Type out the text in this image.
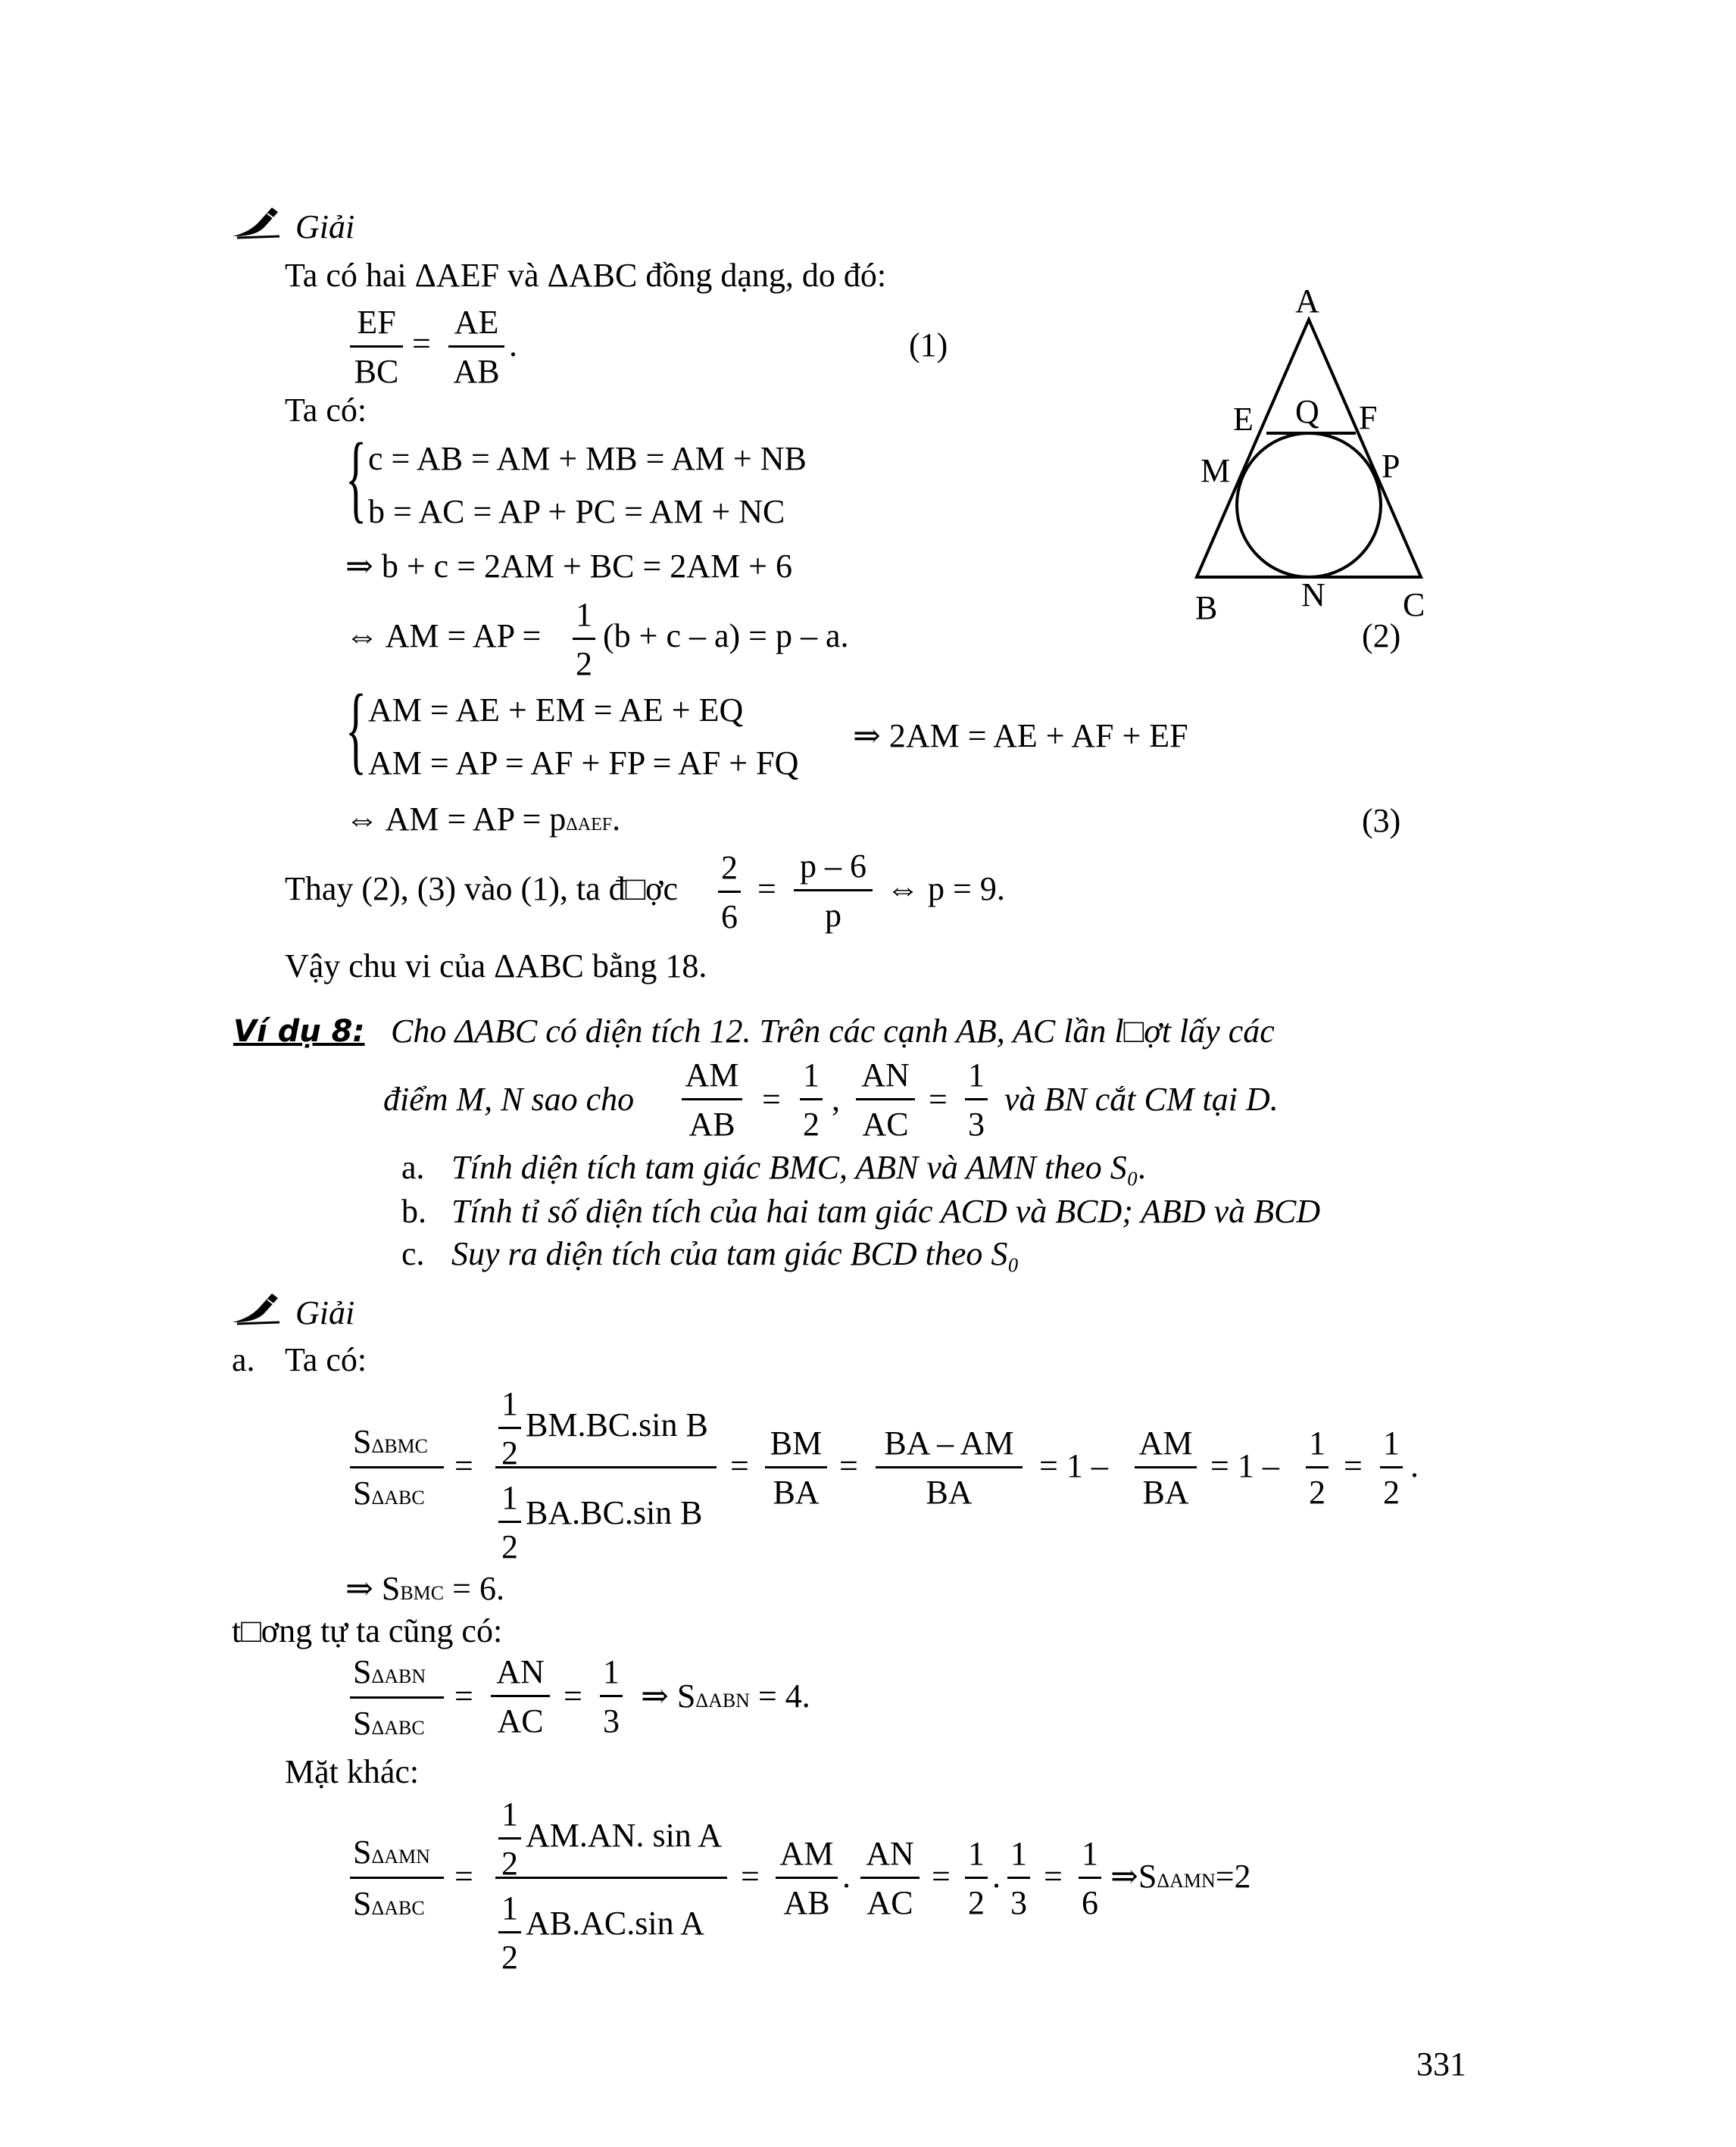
Giải
Ta có hai ΔAEF và ΔABC đồng dạng, do đó:
$\frac{EF}{BC} = \frac{AE}{AB}$ .	(1)
Ta có:
{ c = AB = AM + MB = AM + NB
b = AC = AP + PC = AM + NC
⇒ b + c = 2AM + BC = 2AM + 6
⇔ AM = AP = $\frac{1}{2} (b + c - a) = p - a$.	(2)
{ AM = AE + EM = AE + EQ
AM = AP = AF + FP = AF + FQ
⇒ 2AM = AE + AF + EF
⇔ AM = AP = pΔAEF.	(3)
Thay (2), (3) vào (1), ta đ□ợc $\frac{2}{6} = \frac{p - 6}{p}$ ⇔ p = 9.
Vậy chu vi của ΔABC bằng 18.
A
E Q F
M	P
B	N C
Ví dụ 8: Cho ΔABC có diện tích 12. Trên các cạnh AB, AC lần l□ợt lấy các
điểm M, N sao cho $\frac{AM}{AB} = \frac{1}{2}$ , $\frac{AN}{AC} = \frac{1}{3}$ và BN cắt CM tại D.
a. Tính diện tích tam giác BMC, ABN và AMN theo S₀.
b. Tính tỉ số diện tích của hai tam giác ACD và BCD; ABD và BCD
c. Suy ra diện tích của tam giác BCD theo S₀
Giải
a. Ta có:
SΔBMC
SΔABC
= $\frac{1}{2} BM.BC.\sin$ B
$\frac{1}{2} BA.BC.\sin$ B
= $\frac{BM}{BA} = \frac{BA - AM}{BA} = 1 - \frac{AM}{BA} = 1 - \frac{1}{2} = \frac{1}{2}$ .
⇒ SBMC = 6.
t□ơng tự ta cũng có:
SΔABN
SΔABC
= $\frac{AN}{AC} = \frac{1}{3}$ ⇒ SΔABN = 4.
Mặt khác:
SΔAMN
SΔABC
= $\frac{1}{2} AM.AN$. sin A
$\frac{1}{2} AB.AC.\sin$ A
= $\frac{AM}{AB}$ . $\frac{AN}{AC} = \frac{1}{2}$ . $\frac{1}{3} = \frac{1}{6}$ ⇒SΔAMN=2
331
